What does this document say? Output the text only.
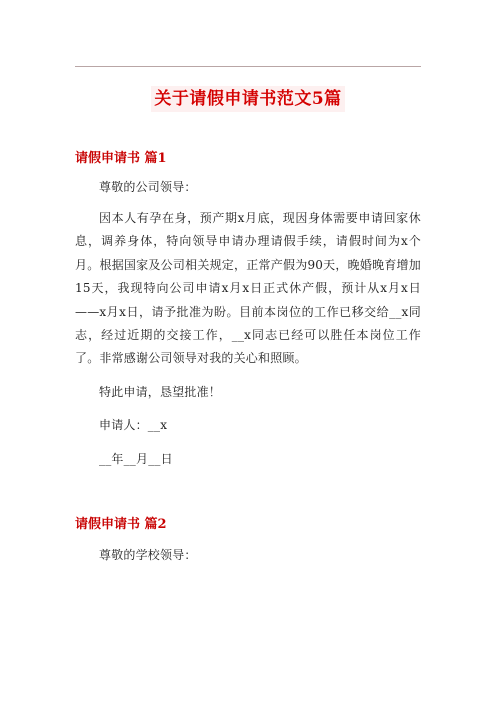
关于请假申请书范文5篇
请假申请书 篇1

尊敬的公司领导：

因本人有孕在身，预产期x月底，现因身体需要申请回家休息，调养身体，特向领导申请办理请假手续，请假时间为x个月。根据国家及公司相关规定，正常产假为90天，晚婚晚育增加15天，我现特向公司申请x月x日正式休产假，预计从x月x日——x月x日，请予批准为盼。目前本岗位的工作已移交给__x同志，经过近期的交接工作，__x同志已经可以胜任本岗位工作了。非常感谢公司领导对我的关心和照顾。

特此申请，恳望批准！

申请人：__x

__年__月__日

请假申请书 篇2

尊敬的学校领导：
